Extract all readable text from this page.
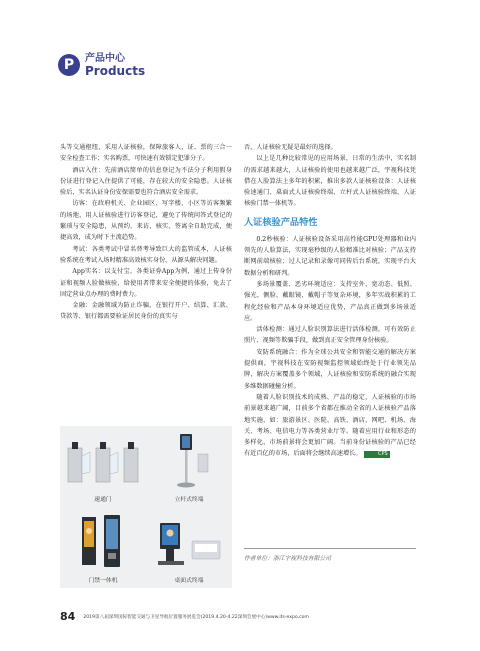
P	产品中心
Products

头等交通枢纽，采用人证核验，保障旅客人、证、票的三合一安全检查工作；实名购票，可快速有效锁定犯罪分子。

酒店入住：先前酒店简单的信息登记为不法分子利用假身份证进行登记入住提供了可能，存在较大的安全隐患。人证核验后，实名认证身份安保需要也符合酒店安全需求。

访客：在政府机关、企业园区、写字楼、小区等访客频繁的场地，用人证核验进行访客登记，避免了传统问答式登记的繁琐与安全隐患，从预约、来访、核实、签离全自助完成，便捷高效，成为时下主流趋势。

考试：各类考试中冒名替考导致巨大的监管成本，人证核验系统在考试入场时精准高效核实身份，从源头解决问题。

App实名：以支付宝、各类证券App为例，通过上传身份证和视频人脸做核验，给使用者带来安全便捷的体验，免去了固定营业点办理的费时费力。

金融：金融领域为防止诈骗，在银行开户、结算、汇款、贷款等、银行都需要验证居民身份的真实与

速通门	立杆式终端
门禁一体机	桌面式终端

否，人证核验无疑是最好的选择。

以上是几种比较常见的应用场景，日常的生活中，实名制的需求越来越大，人证核验的使用也越来越广泛，宇视科技凭借在人脸算法上多年的积累，推出多款人证核验设备：人证核验速通门、桌面式人证核验终端、立杆式人证核验终端、人证核验门禁一体机等。

人证核验产品特性

0.2秒核验：人证核验设备采用高性能GPU处理器和业内领先的人脸算法，实现毫秒级的人脸精准比对核验；产品支持断网前端核验；过人记录和录像可同传后台系统，实现平台大数据分析和研判。

多场景覆盖、恶劣环境适应：支持室外、宽动态、低照、强光、侧脸、戴眼镜、戴帽子等复杂环境，多年实战积累的工程化经验和产品本身环境适应优势，产品真正做到多场景适应。

活体检测：通过人脸识别算法进行活体检测，可有效防止照片、视频等欺骗手段，做到真正安全管理身份核验。

安防系统融合：作为全球公共安全和智能交通的解决方案提供商，宇视科技在安防视频监控领域始终处于行业领先品牌，解决方案覆盖多个领域，人证核验和安防系统的融合实现多维数据碰撞分析。

随着人脸识别技术的成熟、产品的稳定，人证核验的市场前景越来越广阔，目前多个省都在推动全省的人证核验产品落地实施，如：旅游景区、医院、高铁、酒店、网吧、机场、海关、考场、电信电力等各类营业厅等。随着应用行业和形态的多样化，市场前景将会更加广阔。当前身份证核验的产品已经有近百亿的市场，后面将会继续高速增长。	CPS

作者单位：浙江宇视科技有限公司
84 2019第八届深圳国际智能交通与卫星导航位置服务展览会(2019.4.20-4.22深圳会展中心)www.its-expo.com
